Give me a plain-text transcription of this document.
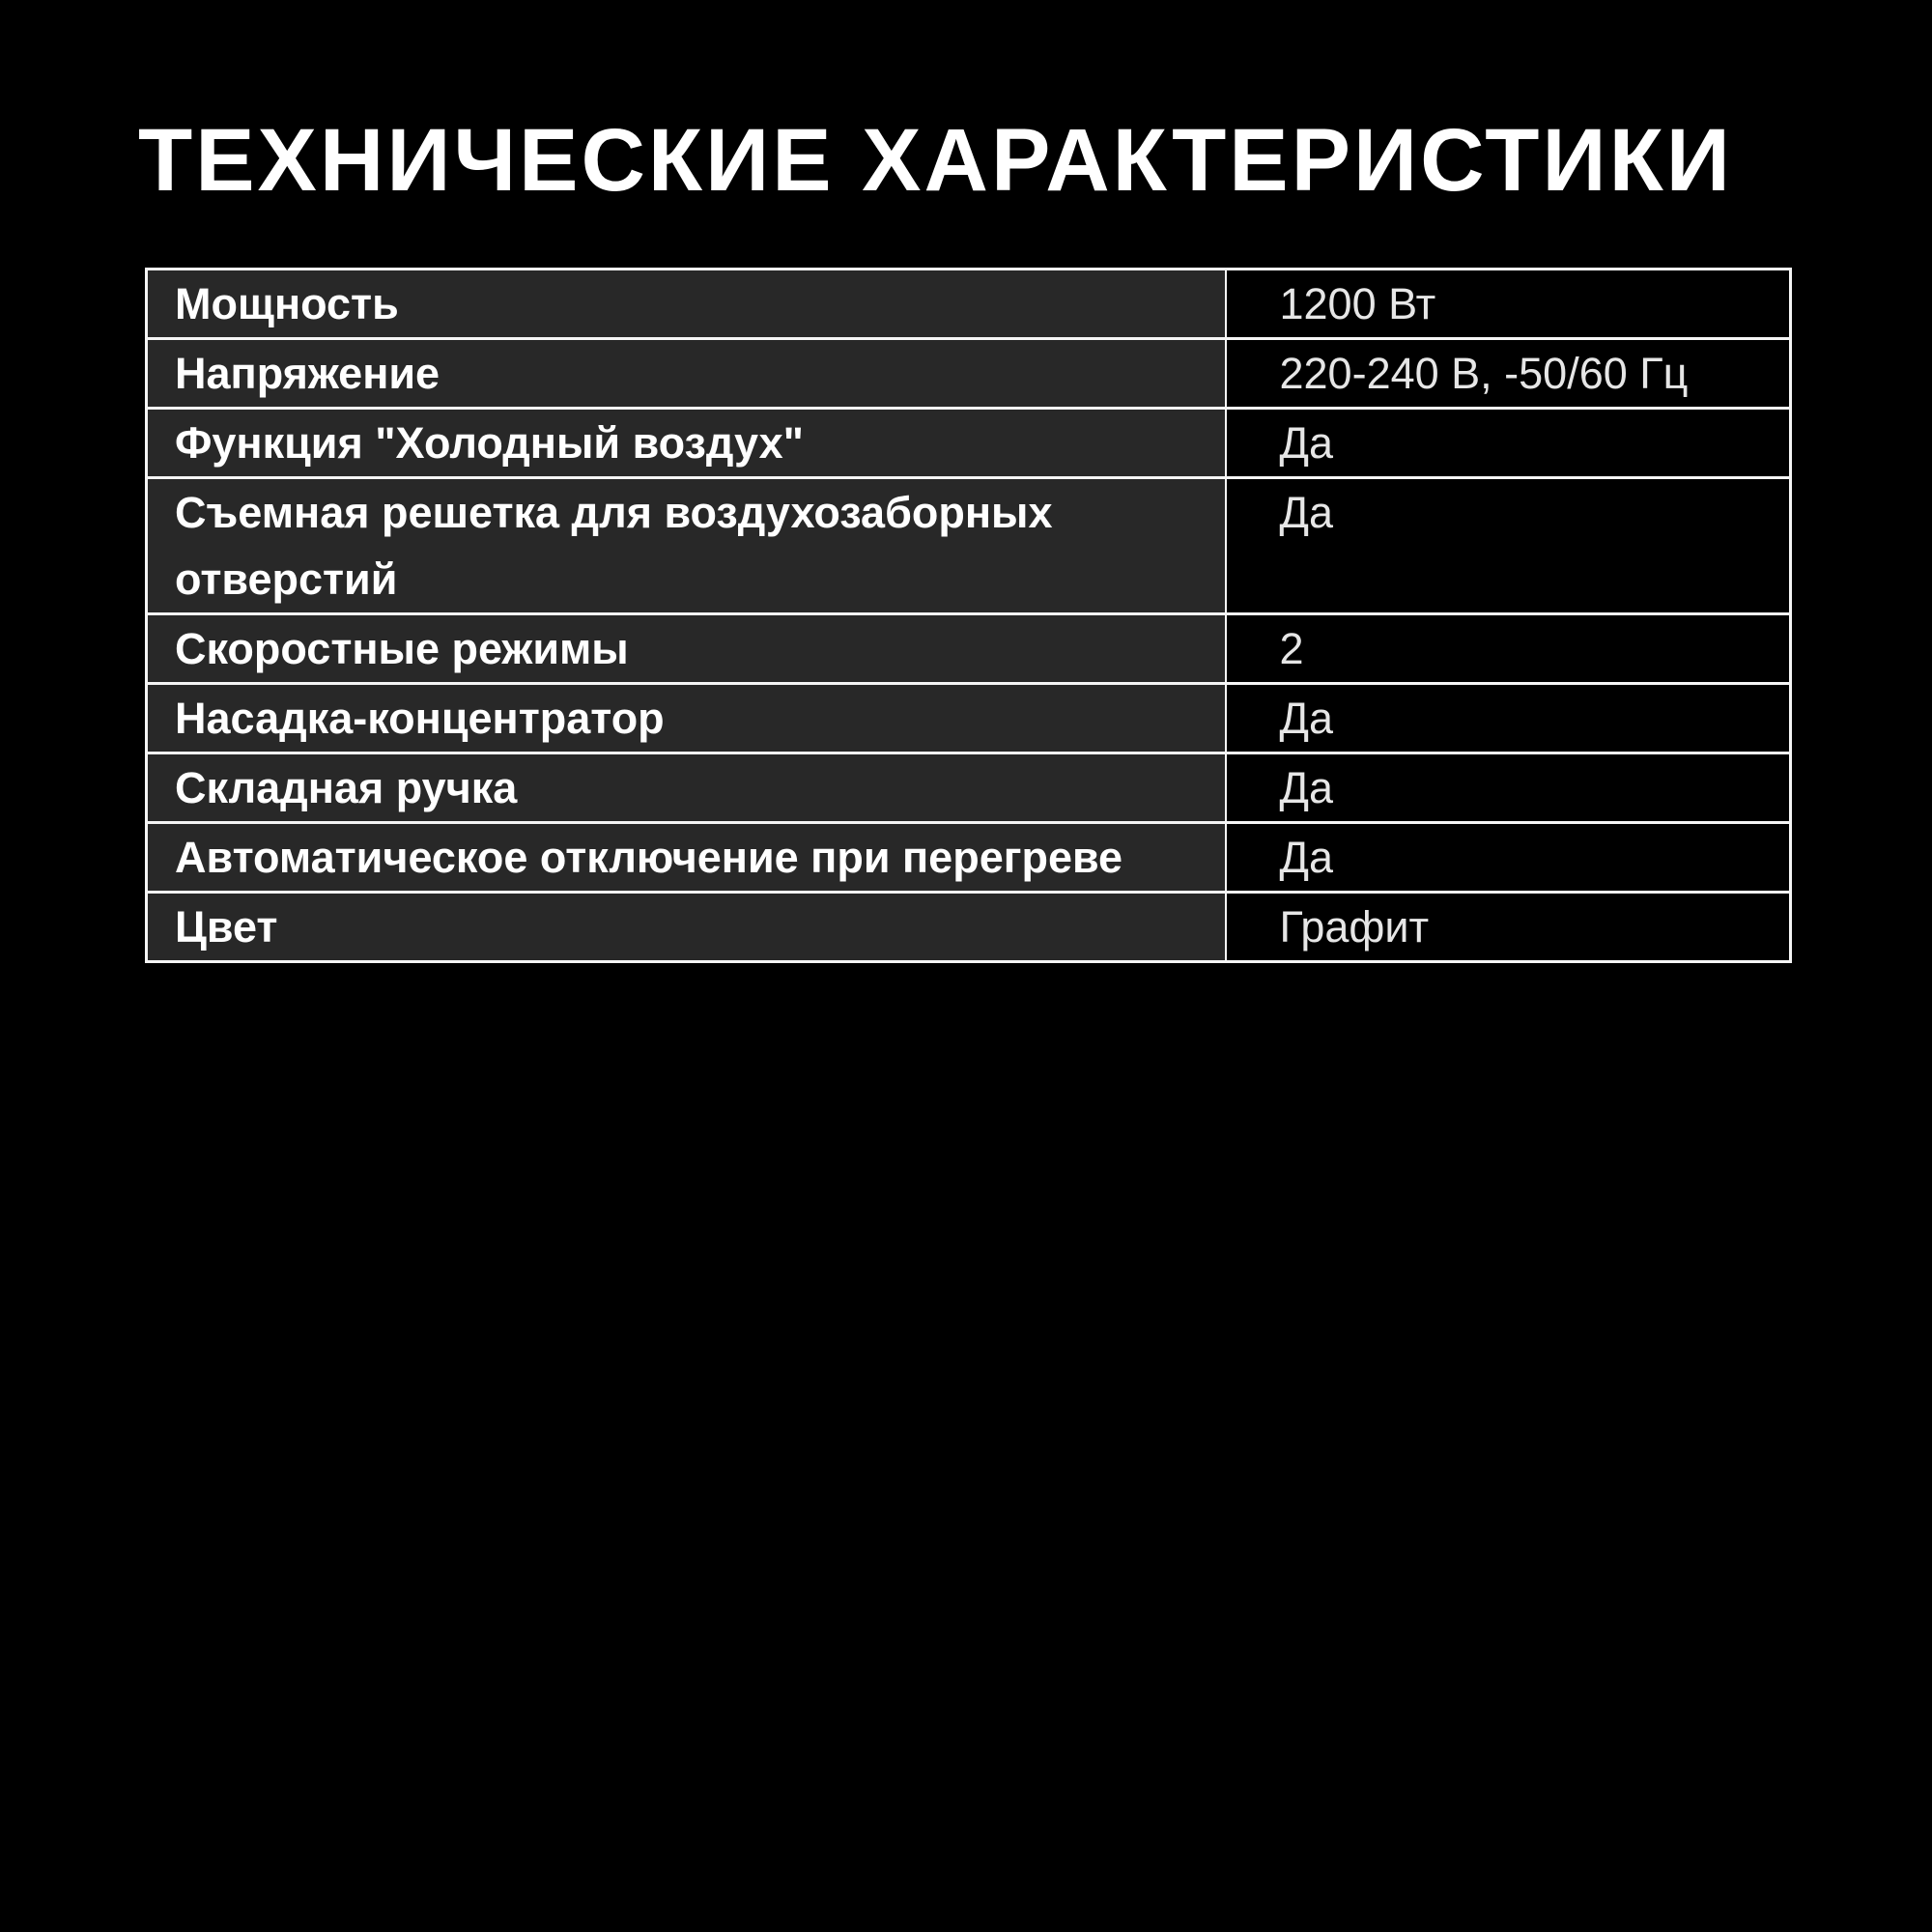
ТЕХНИЧЕСКИЕ ХАРАКТЕРИСТИКИ
Мощность	1200 Вт
Напряжение	220-240 В, -50/60 Гц
Функция "Холодный воздух"	Да
Съемная решетка для воздухозаборных отверстий	Да
Скоростные режимы	2
Насадка-концентратор	Да
Складная ручка	Да
Автоматическое отключение при перегреве	Да
Цвет	Графит
